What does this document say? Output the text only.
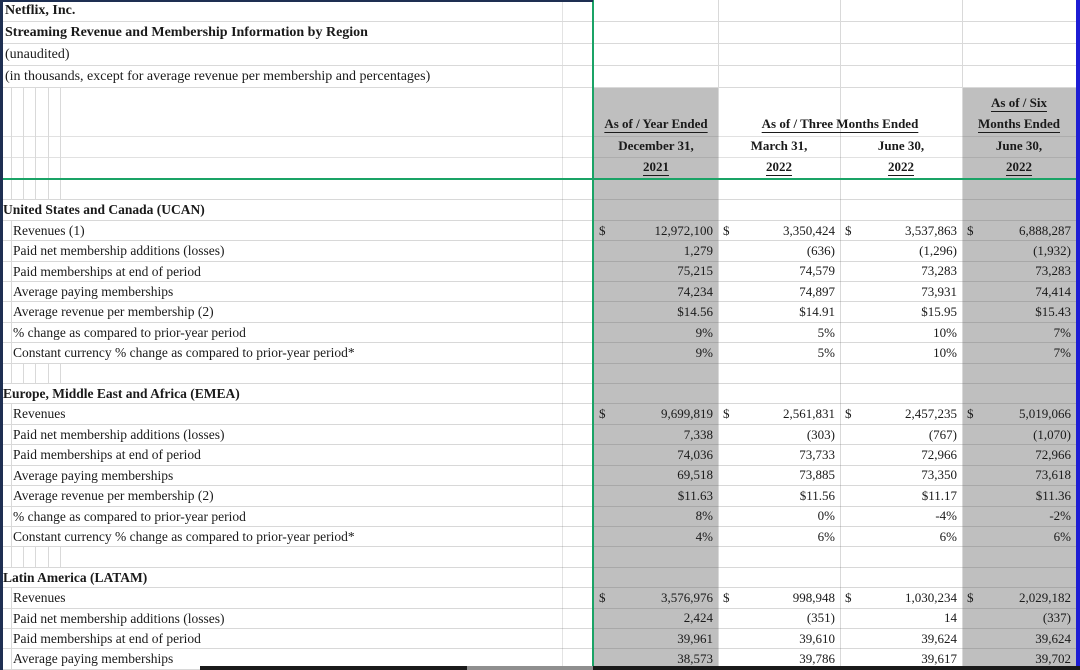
Netflix, Inc.
Streaming Revenue and Membership Information by Region
(unaudited)
(in thousands, except for average revenue per membership and percentages)
As of / Year Ended	As of / Three Months Ended
As of / Six
Months Ended
December 31,	March 31,	June 30,	June 30,
2021	2022	2022	2022
United States and Canada (UCAN)
Revenues (1)	$	12,972,100 $	3,350,424 $	3,537,863 $	6,888,287
Paid net membership additions (losses)	1,279	(636)	(1,296)	(1,932)
Paid memberships at end of period	75,215	74,579	73,283	73,283
Average paying memberships	74,234	74,897	73,931	74,414
Average revenue per membership (2)	$14.56	$14.91	$15.95	$15.43
% change as compared to prior-year period	9%	5%	10%	7%
Constant currency % change as compared to prior-year period*	9%	5%	10%	7%
Europe, Middle East and Africa (EMEA)
Revenues	$	9,699,819 $	2,561,831 $	2,457,235 $	5,019,066
Paid net membership additions (losses)	7,338	(303)	(767)	(1,070)
Paid memberships at end of period	74,036	73,733	72,966	72,966
Average paying memberships	69,518	73,885	73,350	73,618
Average revenue per membership (2)	$11.63	$11.56	$11.17	$11.36
% change as compared to prior-year period	8%	0%	-4%	-2%
Constant currency % change as compared to prior-year period*	4%	6%	6%	6%
Latin America (LATAM)
Revenues	$	3,576,976 $	998,948 $	1,030,234 $	2,029,182
Paid net membership additions (losses)	2,424	(351)	14	(337)
Paid memberships at end of period	39,961	39,610	39,624	39,624
Average paying memberships	38,573	39,786	39,617	39,702
